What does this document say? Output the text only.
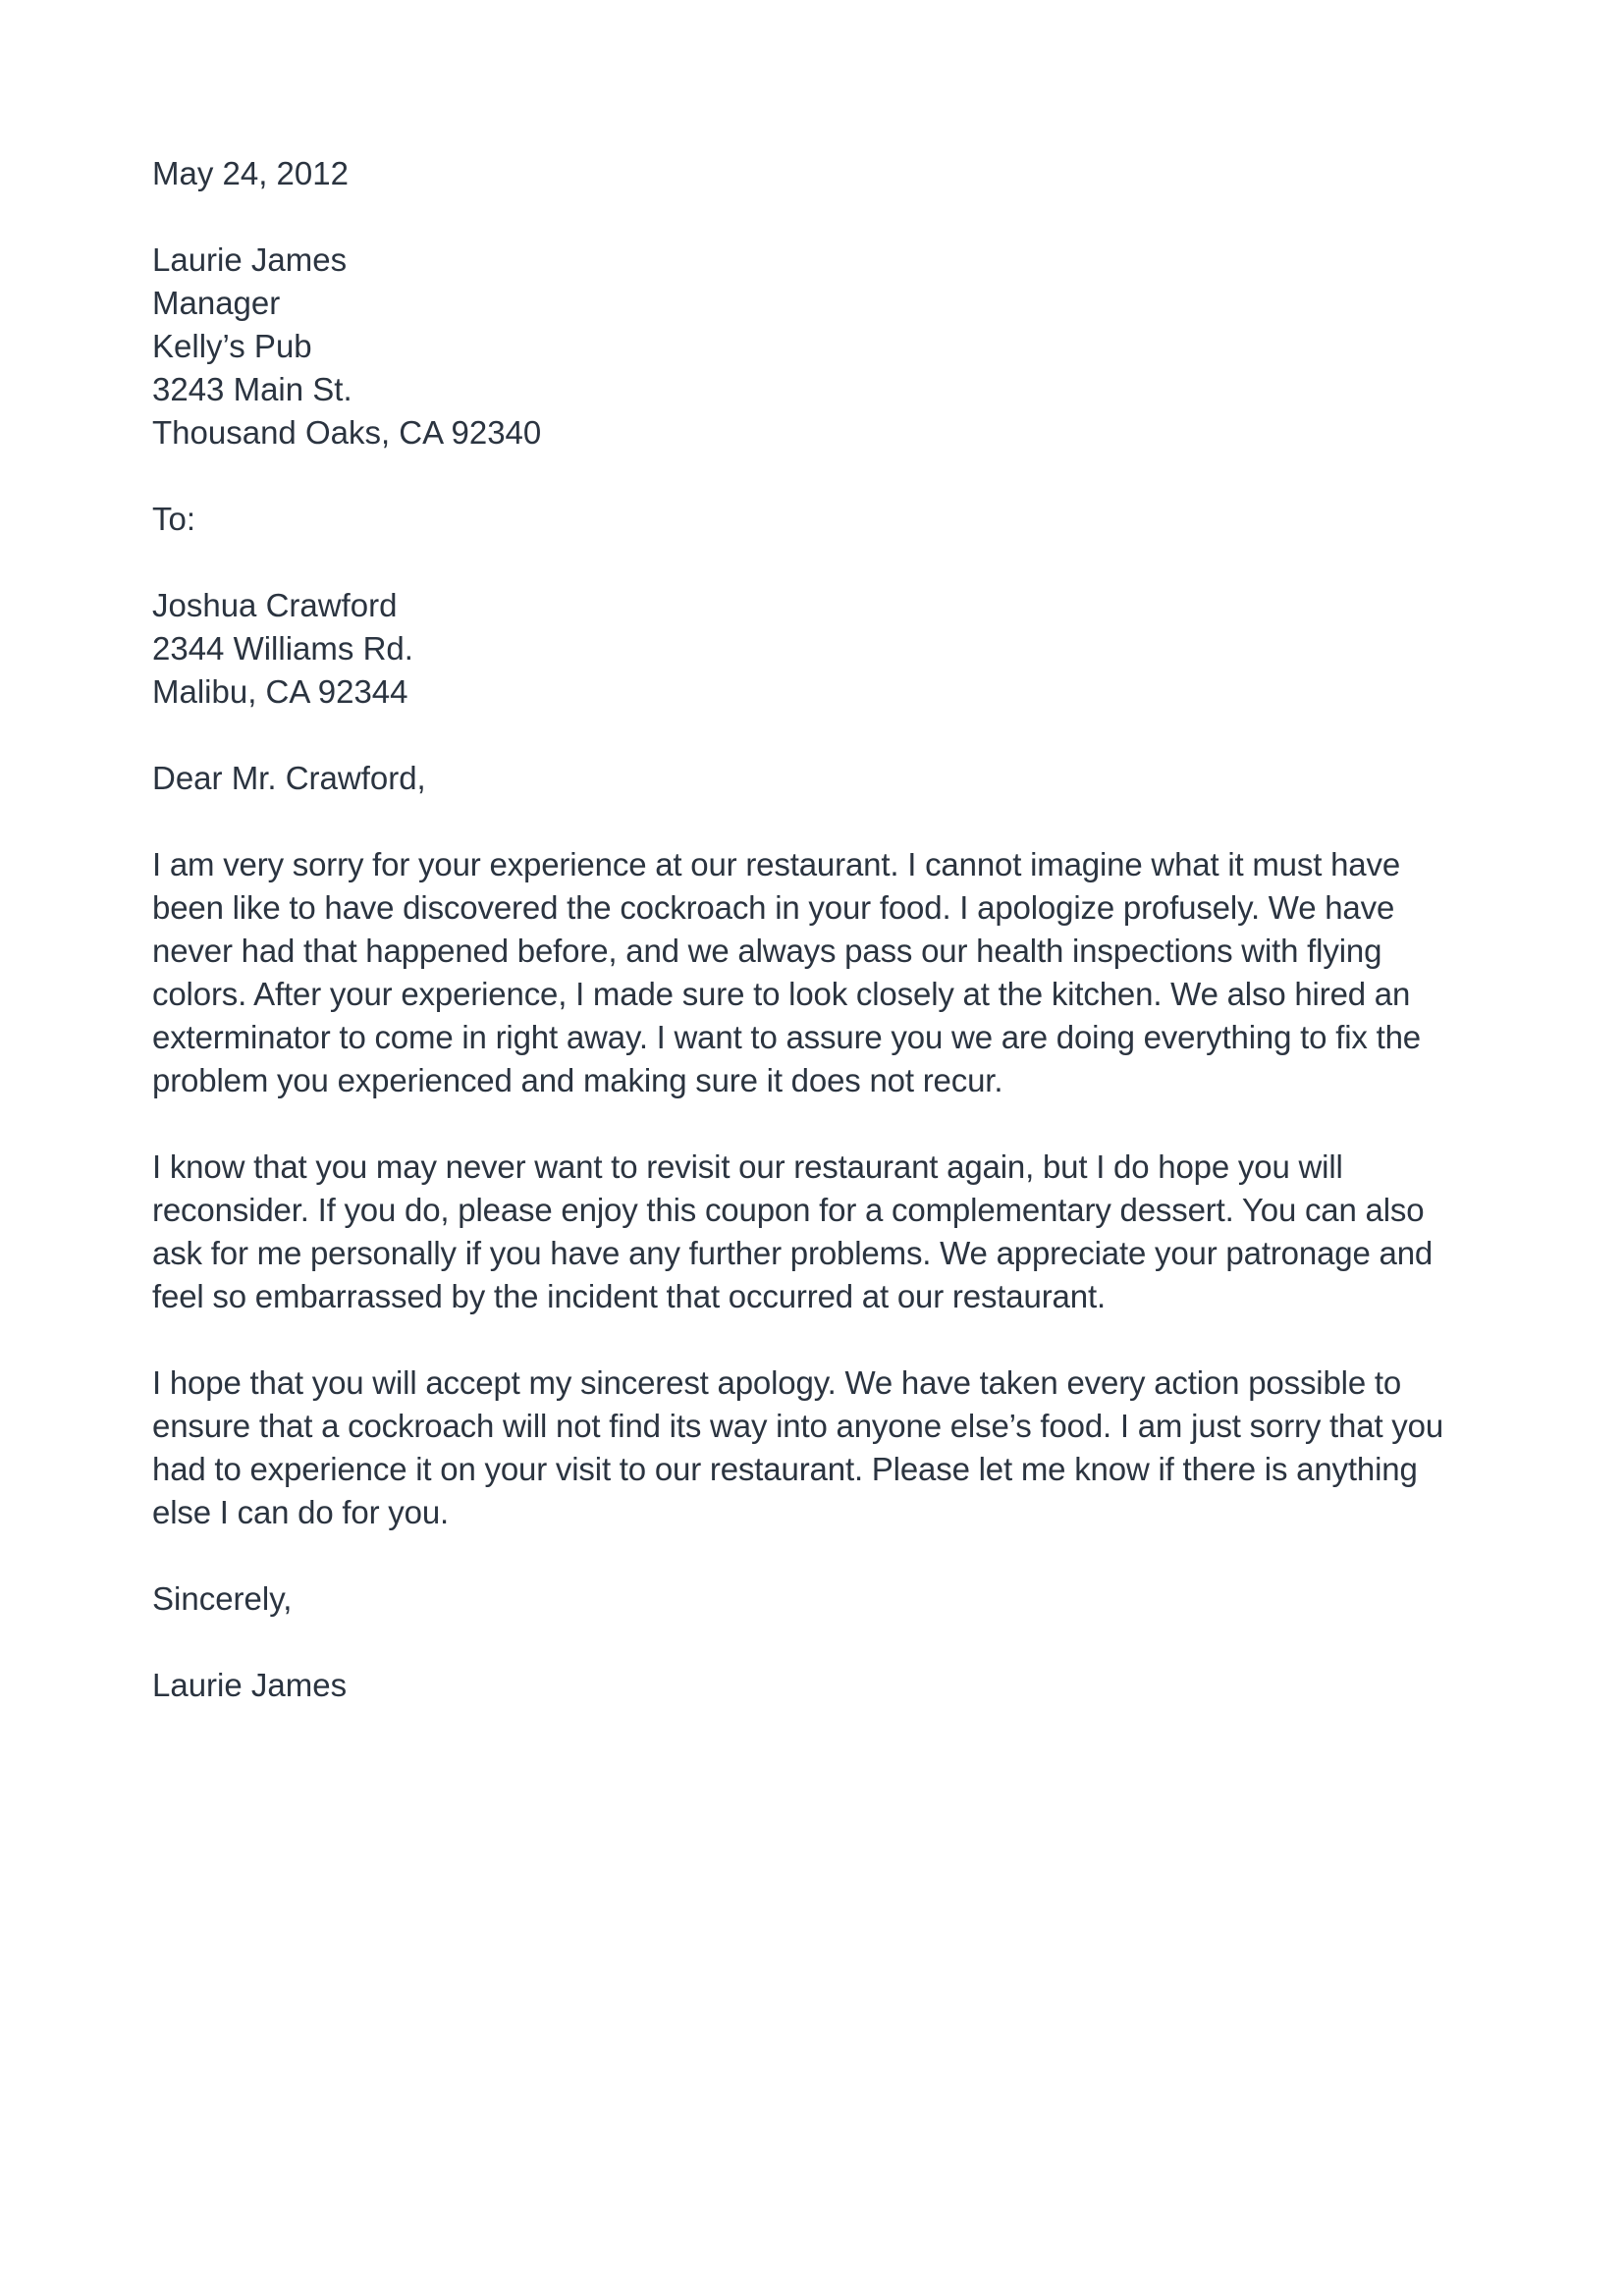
May 24, 2012
Laurie James
Manager
Kelly’s Pub
3243 Main St.
Thousand Oaks, CA 92340
To:
Joshua Crawford
2344 Williams Rd.
Malibu, CA 92344
Dear Mr. Crawford,

I am very sorry for your experience at our restaurant. I cannot imagine what it must have been like to have discovered the cockroach in your food. I apologize profusely. We have never had that happened before, and we always pass our health inspections with flying colors. After your experience, I made sure to look closely at the kitchen. We also hired an exterminator to come in right away. I want to assure you we are doing everything to fix the problem you experienced and making sure it does not recur.

I know that you may never want to revisit our restaurant again, but I do hope you will reconsider. If you do, please enjoy this coupon for a complementary dessert. You can also ask for me personally if you have any further problems. We appreciate your patronage and feel so embarrassed by the incident that occurred at our restaurant.

I hope that you will accept my sincerest apology. We have taken every action possible to ensure that a cockroach will not find its way into anyone else’s food. I am just sorry that you had to experience it on your visit to our restaurant. Please let me know if there is anything else I can do for you.

Sincerely,
Laurie James
